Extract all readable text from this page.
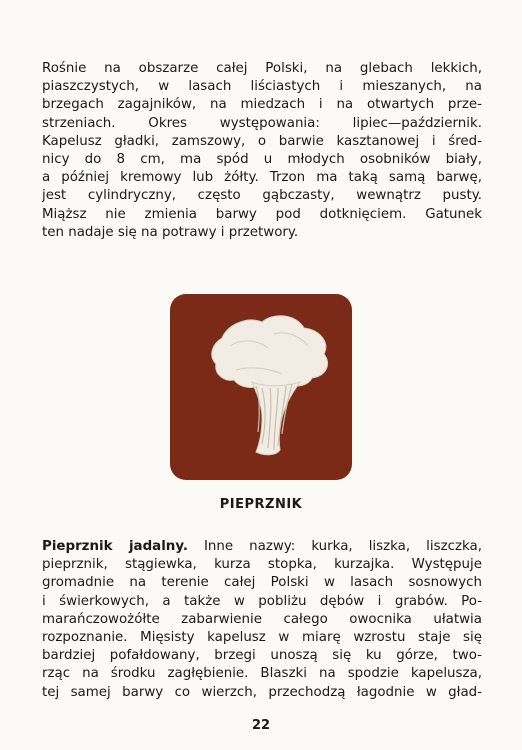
Rośnie na obszarze całej Polski, na glebach lekkich,
piaszczystych, w lasach liściastych i mieszanych, na
brzegach zagajników, na miedzach i na otwartych prze-
strzeniach. Okres występowania: lipiec—październik.
Kapelusz gładki, zamszowy, o barwie kasztanowej i śred-
nicy do 8 cm, ma spód u młodych osobników biały,
a później kremowy lub żółty. Trzon ma taką samą barwę,
jest cylindryczny, często gąbczasty, wewnątrz pusty.
Miąższ nie zmienia barwy pod dotknięciem. Gatunek
ten nadaje się na potrawy i przetwory.
PIEPRZNIK
Pieprznik jadalny. Inne nazwy: kurka, liszka, liszczka,
pieprznik, stągiewka, kurza stopka, kurzajka. Występuje
gromadnie na terenie całej Polski w lasach sosnowych
i świerkowych, a także w pobliżu dębów i grabów. Po-
marańczowożółte zabarwienie całego owocnika ułatwia
rozpoznanie. Mięsisty kapelusz w miarę wzrostu staje się
bardziej pofałdowany, brzegi unoszą się ku górze, two-
rząc na środku zagłębienie. Blaszki na spodzie kapelusza,
tej samej barwy co wierzch, przechodzą łagodnie w gład-
22
